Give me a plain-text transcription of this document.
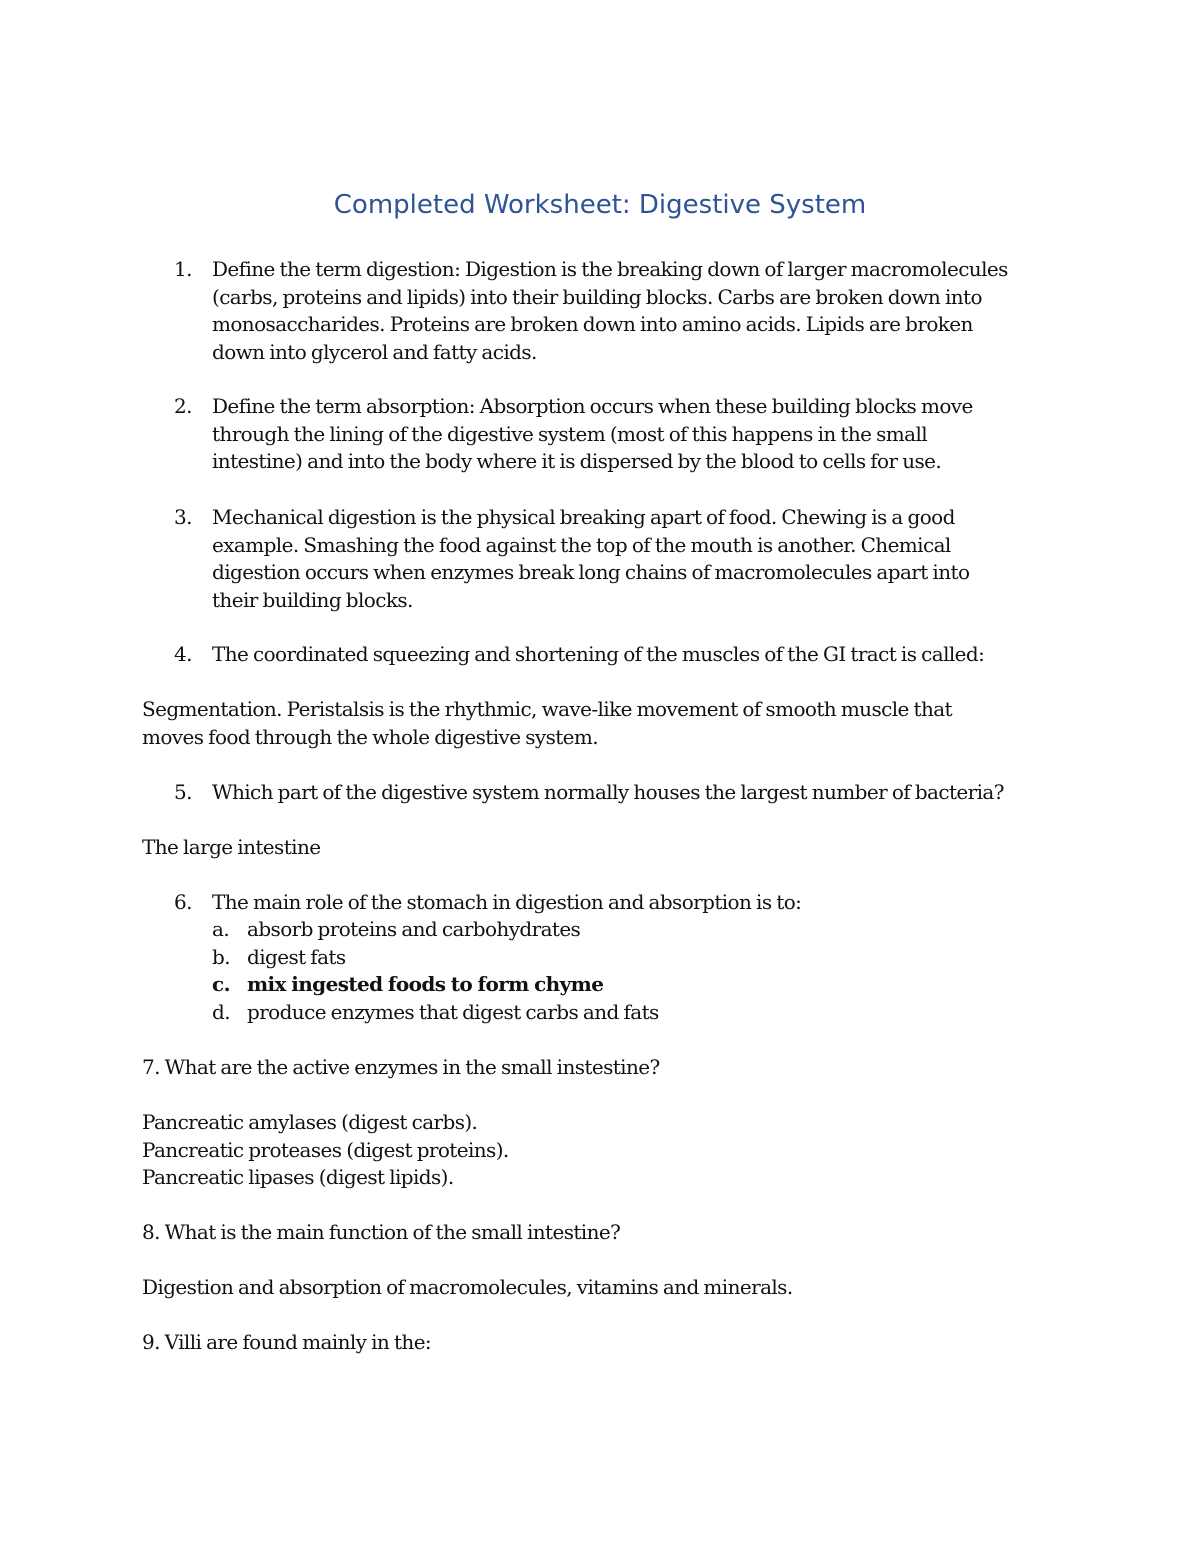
Completed Worksheet: Digestive System
1. Define the term digestion: Digestion is the breaking down of larger macromolecules
(carbs, proteins and lipids) into their building blocks. Carbs are broken down into
monosaccharides. Proteins are broken down into amino acids. Lipids are broken
down into glycerol and fatty acids.
2. Define the term absorption: Absorption occurs when these building blocks move
through the lining of the digestive system (most of this happens in the small
intestine) and into the body where it is dispersed by the blood to cells for use.
3. Mechanical digestion is the physical breaking apart of food. Chewing is a good
example. Smashing the food against the top of the mouth is another. Chemical
digestion occurs when enzymes break long chains of macromolecules apart into
their building blocks.
4. The coordinated squeezing and shortening of the muscles of the GI tract is called:
Segmentation. Peristalsis is the rhythmic, wave-like movement of smooth muscle that
moves food through the whole digestive system.
5. Which part of the digestive system normally houses the largest number of bacteria?
The large intestine
6. The main role of the stomach in digestion and absorption is to:
a. absorb proteins and carbohydrates
b. digest fats
c. mix ingested foods to form chyme
d. produce enzymes that digest carbs and fats
7. What are the active enzymes in the small instestine?
Pancreatic amylases (digest carbs).
Pancreatic proteases (digest proteins).
Pancreatic lipases (digest lipids).
8. What is the main function of the small intestine?
Digestion and absorption of macromolecules, vitamins and minerals.
9. Villi are found mainly in the:
